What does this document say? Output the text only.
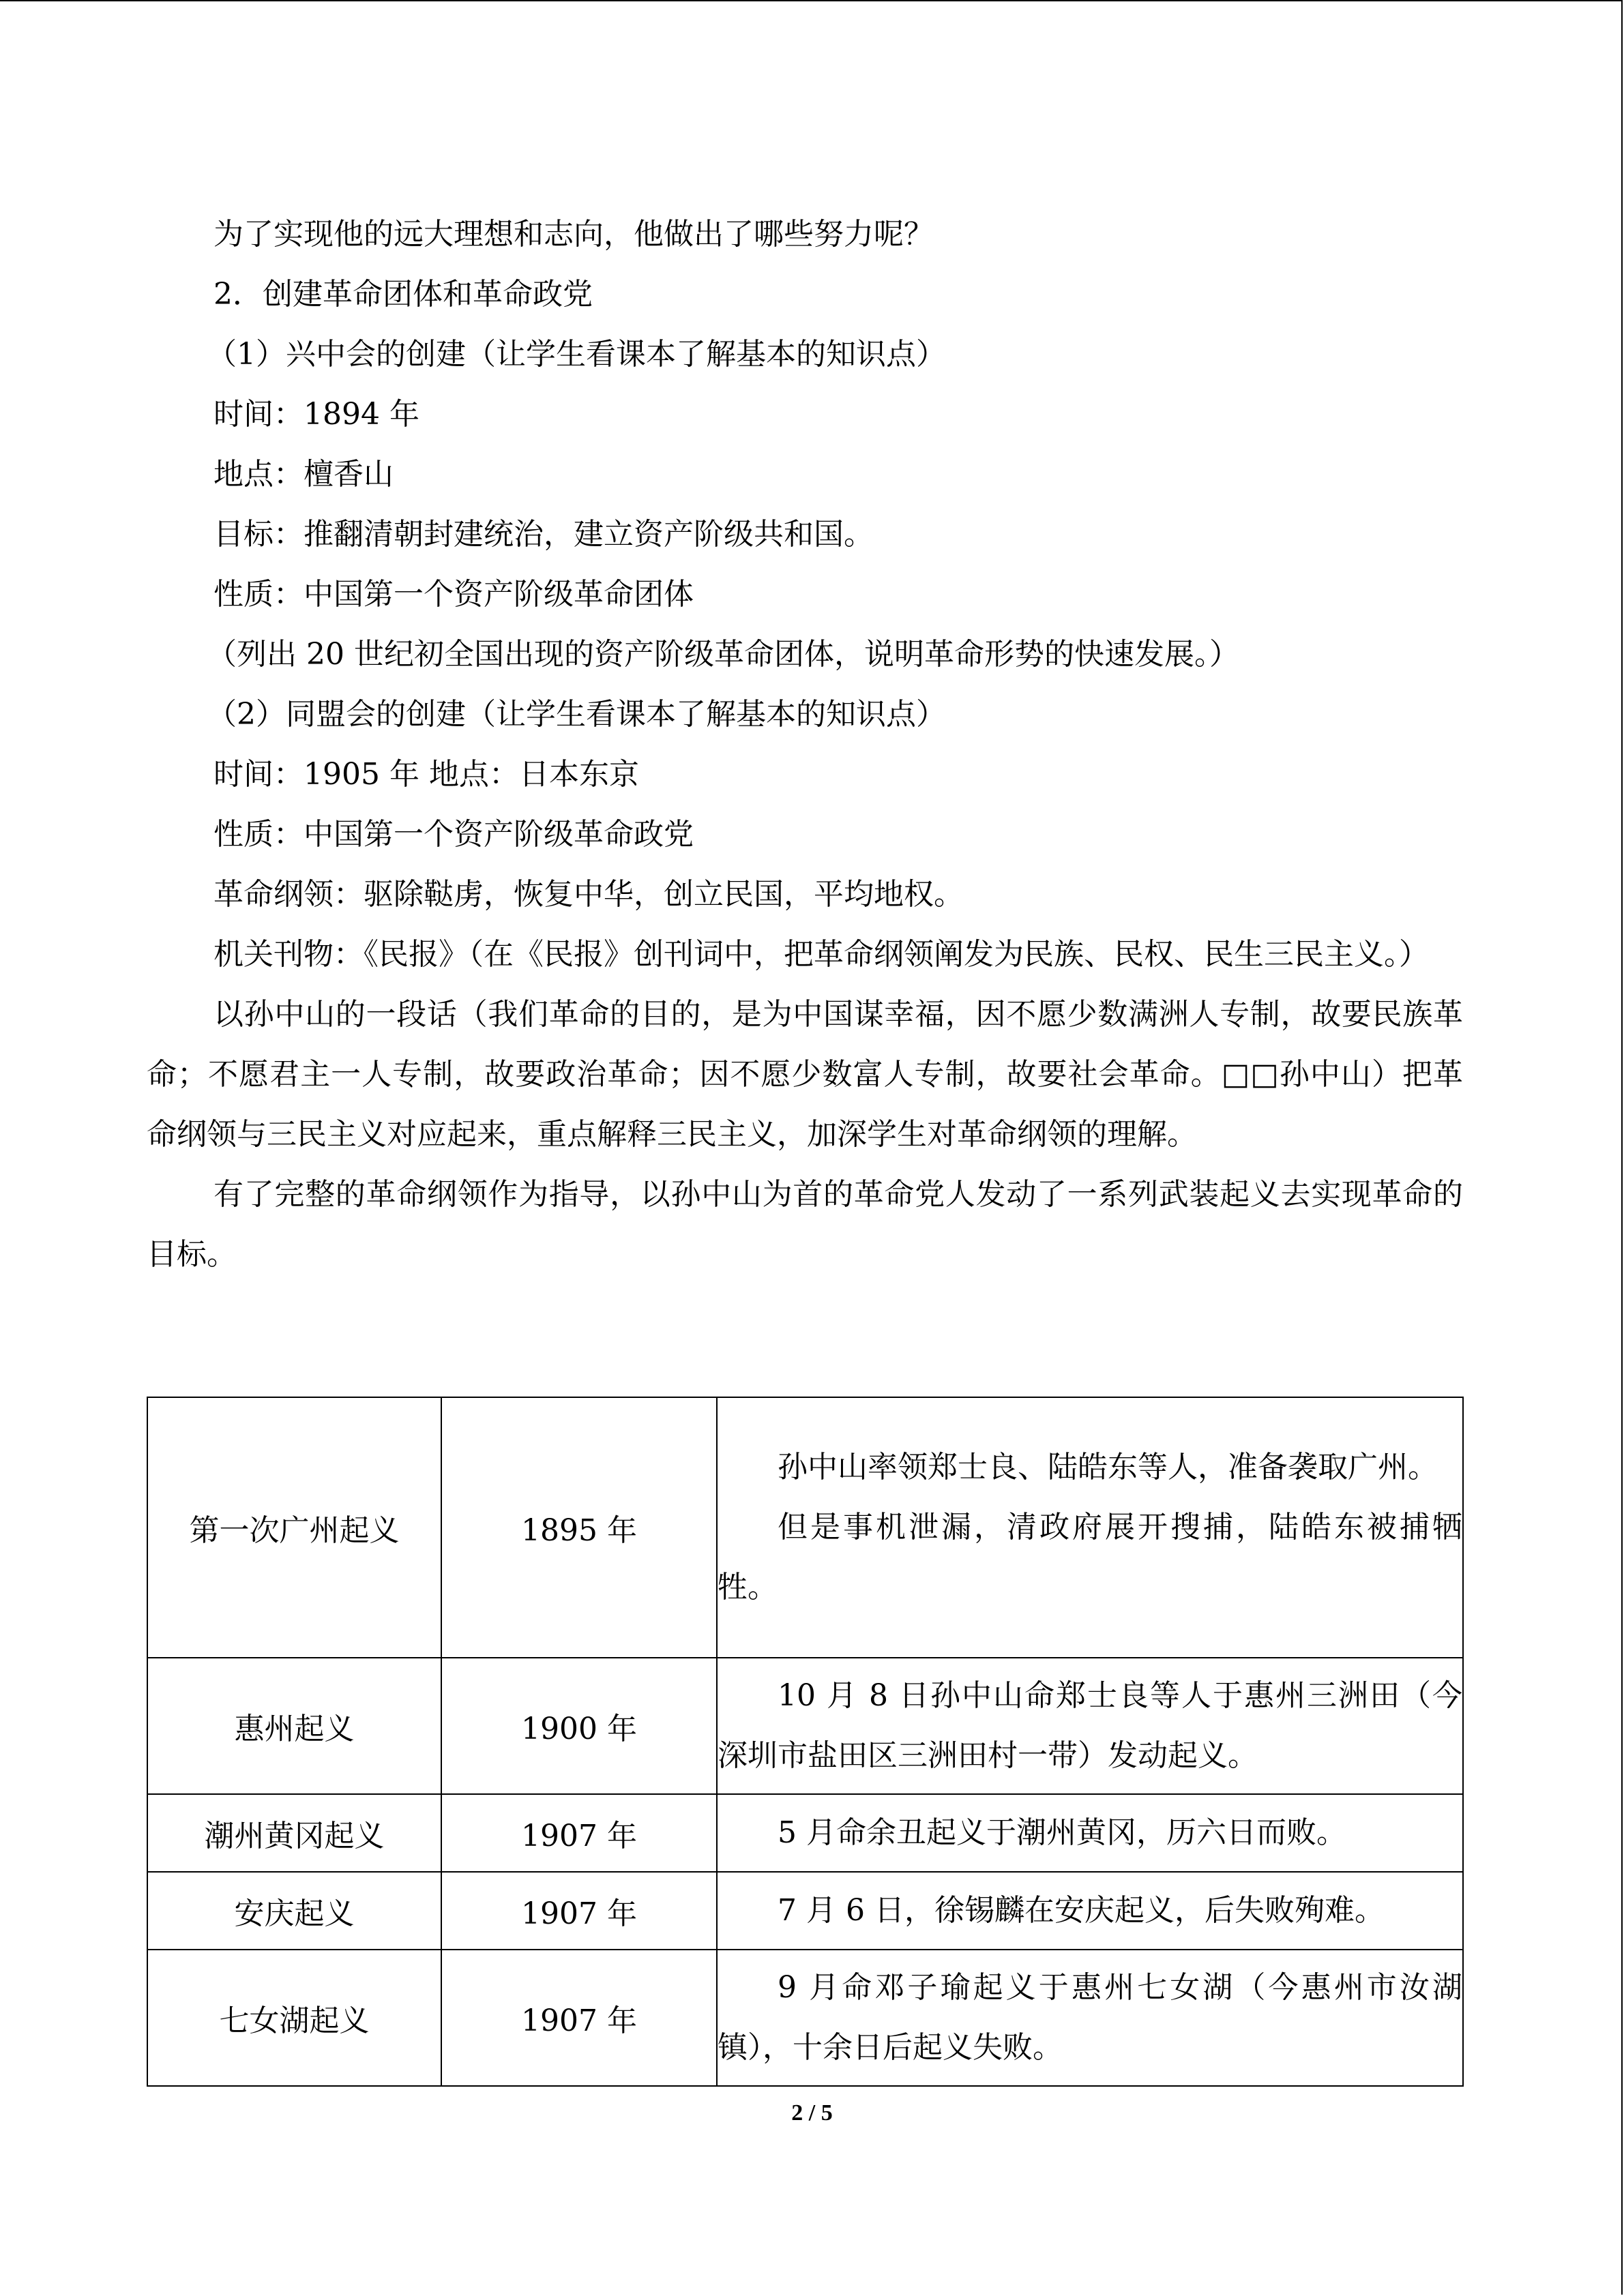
为了实现他的远大理想和志向，他做出了哪些努力呢？

2．创建革命团体和革命政党

（1）兴中会的创建（让学生看课本了解基本的知识点）

时间：1894 年

地点：檀香山

目标：推翻清朝封建统治，建立资产阶级共和国。

性质：中国第一个资产阶级革命团体

（列出 20 世纪初全国出现的资产阶级革命团体，说明革命形势的快速发展。）

（2）同盟会的创建（让学生看课本了解基本的知识点）

时间：1905 年 地点：日本东京

性质：中国第一个资产阶级革命政党

革命纲领：驱除鞑虏，恢复中华，创立民国，平均地权。

机关刊物：《民报》（在《民报》创刊词中，把革命纲领阐发为民族、民权、民生三民主义。）

以孙中山的一段话（我们革命的目的，是为中国谋幸福，因不愿少数满洲人专制，故要民族革命；不愿君主一人专制，故要政治革命；因不愿少数富人专制，故要社会革命。□□孙中山）把革命纲领与三民主义对应起来，重点解释三民主义，加深学生对革命纲领的理解。

有了完整的革命纲领作为指导，以孙中山为首的革命党人发动了一系列武装起义去实现革命的目标。

第一次广州起义	1895 年	孙中山率领郑士良、陆皓东等人，准备袭取广州。

但是事机泄漏，清政府展开搜捕，陆皓东被捕牺牲。

惠州起义	1900 年	10 月 8 日孙中山命郑士良等人于惠州三洲田（今深圳市盐田区三洲田村一带）发动起义。

潮州黄冈起义	1907 年	5 月命余丑起义于潮州黄冈，历六日而败。

安庆起义	1907 年	7 月 6 日，徐锡麟在安庆起义，后失败殉难。

七女湖起义	1907 年	9 月命邓子瑜起义于惠州七女湖（今惠州市汝湖镇），十余日后起义失败。

2 / 5
